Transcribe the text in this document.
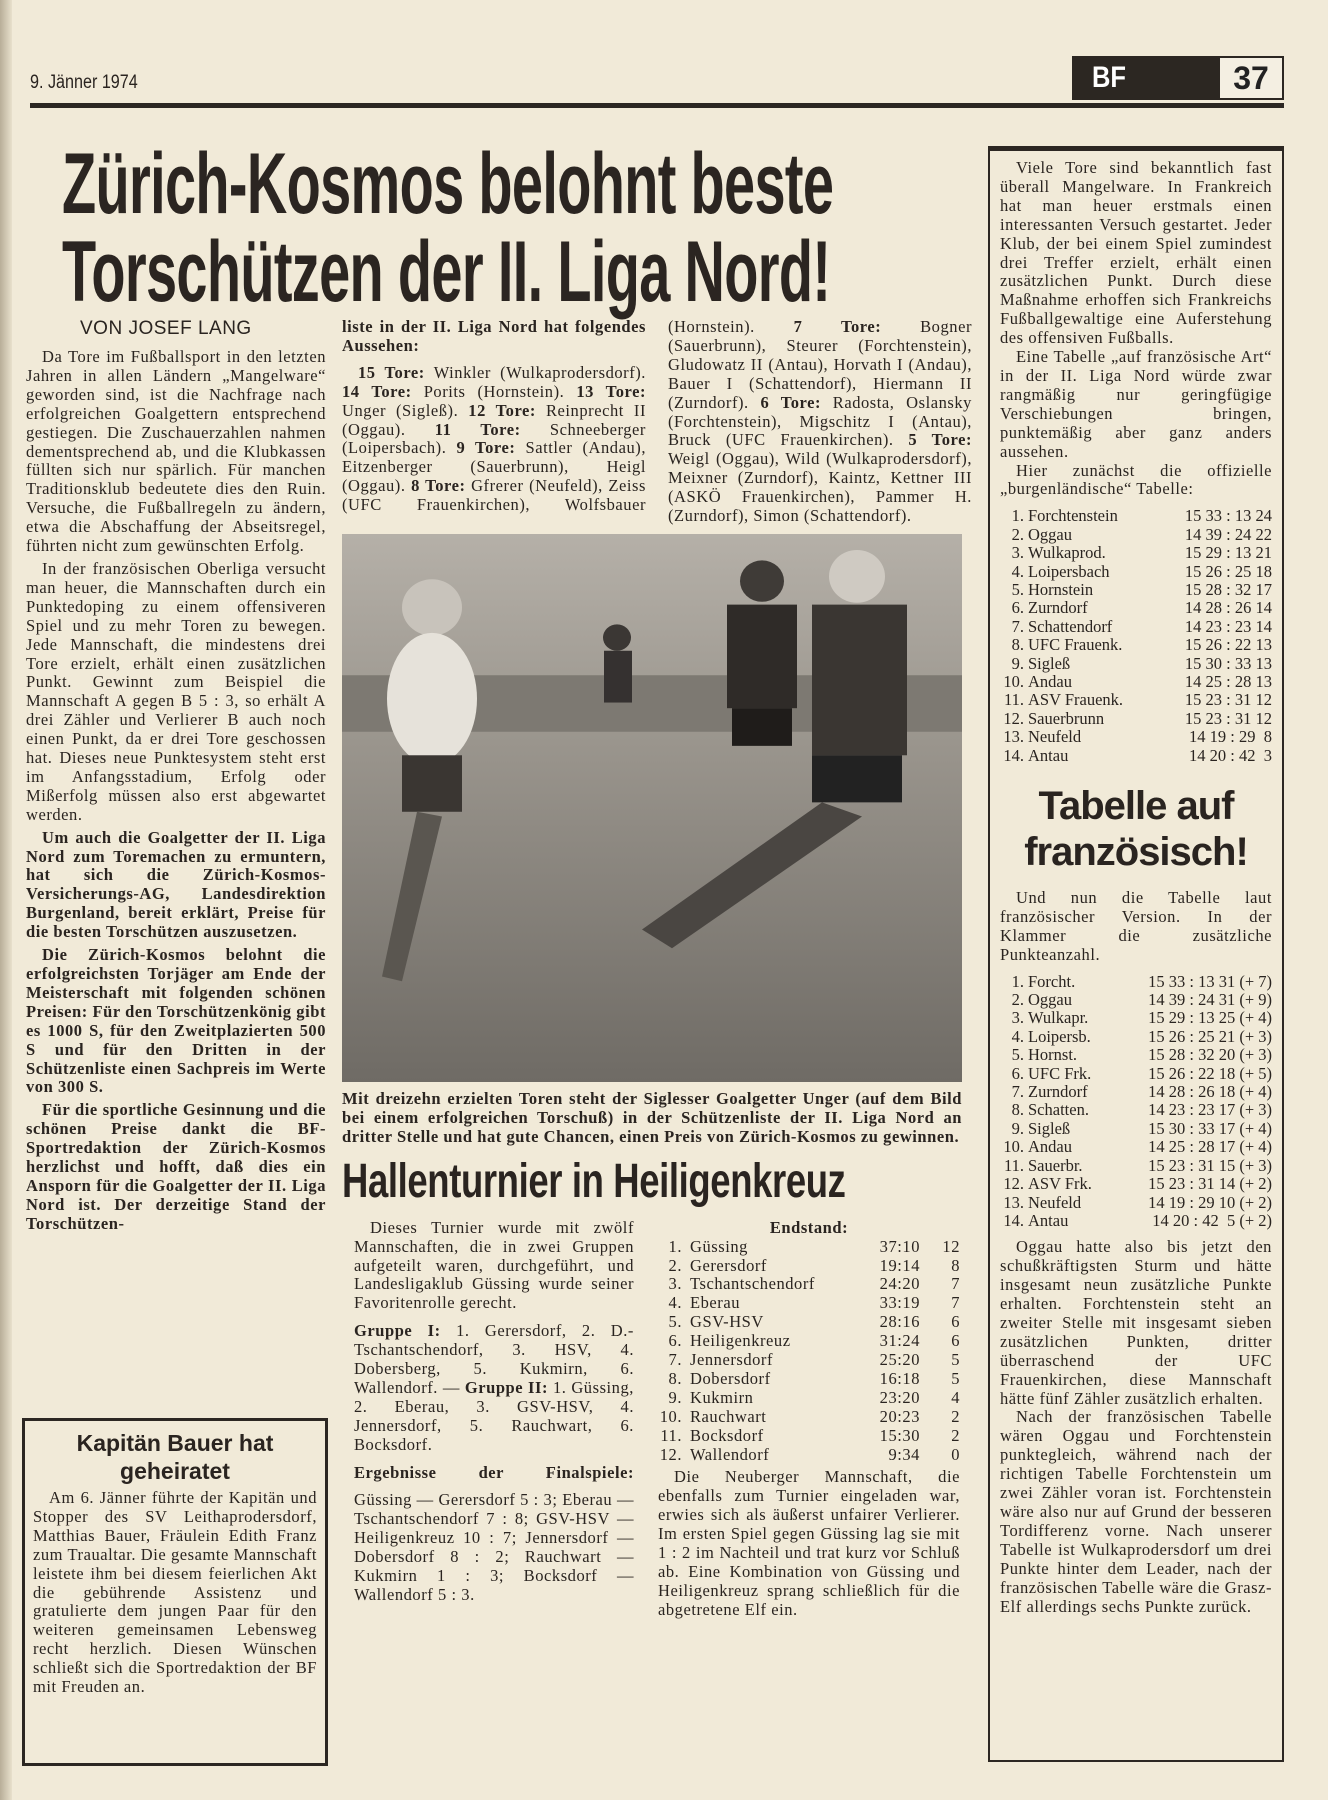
9. Jänner 1974	BF	37
Zürich-Kosmos belohnt beste
Torschützen der II. Liga Nord!
VON JOSEF LANG

Da Tore im Fußballsport in den letzten Jahren in allen Ländern „Mangelware“ geworden sind, ist die Nachfrage nach erfolgreichen Goalgettern entsprechend gestiegen. Die Zuschauerzahlen nahmen dementsprechend ab, und die Klubkassen füllten sich nur spärlich. Für manchen Traditionsklub bedeutete dies den Ruin. Versuche, die Fußballregeln zu ändern, etwa die Abschaffung der Abseitsregel, führten nicht zum gewünschten Erfolg.

In der französischen Oberliga versucht man heuer, die Mannschaften durch ein Punktedoping zu einem offensiveren Spiel und zu mehr Toren zu bewegen. Jede Mannschaft, die mindestens drei Tore erzielt, erhält einen zusätzlichen Punkt. Gewinnt zum Beispiel die Mannschaft A gegen B 5 : 3, so erhält A drei Zähler und Verlierer B auch noch einen Punkt, da er drei Tore geschossen hat. Dieses neue Punktesystem steht erst im Anfangsstadium, Erfolg oder Mißerfolg müssen also erst abgewartet werden.

Um auch die Goalgetter der II. Liga Nord zum Toremachen zu ermuntern, hat sich die Zürich-Kosmos-Versicherungs-AG, Landesdirektion Burgenland, bereit erklärt, Preise für die besten Torschützen auszusetzen.

Die Zürich-Kosmos belohnt die erfolgreichsten Torjäger am Ende der Meisterschaft mit folgenden schönen Preisen: Für den Torschützenkönig gibt es 1000 S, für den Zweitplazierten 500 S und für den Dritten in der Schützenliste einen Sachpreis im Werte von 300 S.

Für die sportliche Gesinnung und die schönen Preise dankt die BF-Sportredaktion der Zürich-Kosmos herzlichst und hofft, daß dies ein Ansporn für die Goalgetter der II. Liga Nord ist. Der derzeitige Stand der Torschützen-

liste in der II. Liga Nord hat folgendes Aussehen:

15 Tore: Winkler (Wulkaprodersdorf). 14 Tore: Porits (Hornstein). 13 Tore: Unger (Sigleß). 12 Tore: Reinprecht II (Oggau). 11 Tore: Schneeberger (Loipersbach). 9 Tore: Sattler (Andau), Eitzenberger (Sauerbrunn), Heigl (Oggau). 8 Tore: Gfrerer (Neufeld), Zeiss (UFC Frauenkirchen), Wolfsbauer (Hornstein). 7 Tore: Bogner (Sauerbrunn), Steurer (Forchtenstein), Gludowatz II (Antau), Horvath I (Andau), Bauer I (Schattendorf), Hiermann II (Zurndorf). 6 Tore: Radosta, Oslansky (Forchtenstein), Migschitz I (Antau), Bruck (UFC Frauenkirchen). 5 Tore: Weigl (Oggau), Wild (Wulkaprodersdorf), Meixner (Zurndorf), Kaintz, Kettner III (ASKÖ Frauenkirchen), Pammer H. (Zurndorf), Simon (Schattendorf).

Mit dreizehn erzielten Toren steht der Siglesser Goalgetter Unger (auf dem Bild bei einem erfolgreichen Torschuß) in der Schützenliste der II. Liga Nord an dritter Stelle und hat gute Chancen, einen Preis von Zürich-Kosmos zu gewinnen.
Hallenturnier in Heiligenkreuz

Dieses Turnier wurde mit zwölf Mannschaften, die in zwei Gruppen aufgeteilt waren, durchgeführt, und Landesligaklub Güssing wurde seiner Favoritenrolle gerecht.

Gruppe I: 1. Gerersdorf, 2. D.-Tschantschendorf, 3. HSV, 4. Dobersberg, 5. Kukmirn, 6. Wallendorf. — Gruppe II: 1. Güssing, 2. Eberau, 3. GSV-HSV, 4. Jennersdorf, 5. Rauchwart, 6. Bocksdorf.

Ergebnisse der Finalspiele:

Güssing — Gerersdorf 5 : 3; Eberau — Tschantschendorf 7 : 8; GSV-HSV — Heiligenkreuz 10 : 7; Jennersdorf — Dobersdorf 8 : 2; Rauchwart — Kukmirn 1 : 3; Bocksdorf — Wallendorf 5 : 3.

Endstand:
1. Güssing	37:10	12
2. Gerersdorf	19:14	8
3. Tschantschendorf	24:20	7
4. Eberau	33:19	7
5. GSV-HSV	28:16	6
6. Heiligenkreuz	31:24	6
7. Jennersdorf	25:20	5
8. Dobersdorf	16:18	5
9. Kukmirn	23:20	4
10. Rauchwart	20:23	2
11. Bocksdorf	15:30	2
12. Wallendorf	9:34	0

Die Neuberger Mannschaft, die ebenfalls zum Turnier eingeladen war, erwies sich als äußerst unfairer Verlierer. Im ersten Spiel gegen Güssing lag sie mit 1 : 2 im Nachteil und trat kurz vor Schluß ab. Eine Kombination von Güssing und Heiligenkreuz sprang schließlich für die abgetretene Elf ein.

Kapitän Bauer hat geheiratet

Am 6. Jänner führte der Kapitän und Stopper des SV Leithaprodersdorf, Matthias Bauer, Fräulein Edith Franz zum Traualtar. Die gesamte Mannschaft leistete ihm bei diesem feierlichen Akt die gebührende Assistenz und gratulierte dem jungen Paar für den weiteren gemeinsamen Lebensweg recht herzlich. Diesen Wünschen schließt sich die Sportredaktion der BF mit Freuden an.

Viele Tore sind bekanntlich fast überall Mangelware. In Frankreich hat man heuer erstmals einen interessanten Versuch gestartet. Jeder Klub, der bei einem Spiel zumindest drei Treffer erzielt, erhält einen zusätzlichen Punkt. Durch diese Maßnahme erhoffen sich Frankreichs Fußballgewaltige eine Auferstehung des offensiven Fußballs.

Eine Tabelle „auf französische Art“ in der II. Liga Nord würde zwar rangmäßig nur geringfügige Verschiebungen bringen, punktemäßig aber ganz anders aussehen.

Hier zunächst die offizielle „burgenländische“ Tabelle:

1. Forchtenstein	15 33 : 13 24
2. Oggau	14 39 : 24 22
3. Wulkaprod.	15 29 : 13 21
4. Loipersbach	15 26 : 25 18
5. Hornstein	15 28 : 32 17
6. Zurndorf	14 28 : 26 14
7. Schattendorf	14 23 : 23 14
8. UFC Frauenk.	15 26 : 22 13
9. Sigleß	15 30 : 33 13
10. Andau	14 25 : 28 13
11. ASV Frauenk.	15 23 : 31 12
12. Sauerbrunn	15 23 : 31 12
13. Neufeld	14 19 : 29  8
14. Antau	14 20 : 42  3
Tabelle auf französisch!

Und nun die Tabelle laut französischer Version. In der Klammer die zusätzliche Punkteanzahl.

1. Forcht.	15 33 : 13 31 (+ 7)
2. Oggau	14 39 : 24 31 (+ 9)
3. Wulkapr.	15 29 : 13 25 (+ 4)
4. Loipersb.	15 26 : 25 21 (+ 3)
5. Hornst.	15 28 : 32 20 (+ 3)
6. UFC Frk.	15 26 : 22 18 (+ 5)
7. Zurndorf	14 28 : 26 18 (+ 4)
8. Schatten.	14 23 : 23 17 (+ 3)
9. Sigleß	15 30 : 33 17 (+ 4)
10. Andau	14 25 : 28 17 (+ 4)
11. Sauerbr.	15 23 : 31 15 (+ 3)
12. ASV Frk.	15 23 : 31 14 (+ 2)
13. Neufeld	14 19 : 29 10 (+ 2)
14. Antau	14 20 : 42  5 (+ 2)

Oggau hatte also bis jetzt den schußkräftigsten Sturm und hätte insgesamt neun zusätzliche Punkte erhalten. Forchtenstein steht an zweiter Stelle mit insgesamt sieben zusätzlichen Punkten, dritter überraschend der UFC Frauenkirchen, diese Mannschaft hätte fünf Zähler zusätzlich erhalten.

Nach der französischen Tabelle wären Oggau und Forchtenstein punktegleich, während nach der richtigen Tabelle Forchtenstein um zwei Zähler voran ist. Forchtenstein wäre also nur auf Grund der besseren Tordifferenz vorne. Nach unserer Tabelle ist Wulkaprodersdorf um drei Punkte hinter dem Leader, nach der französischen Tabelle wäre die Grasz-Elf allerdings sechs Punkte zurück.
